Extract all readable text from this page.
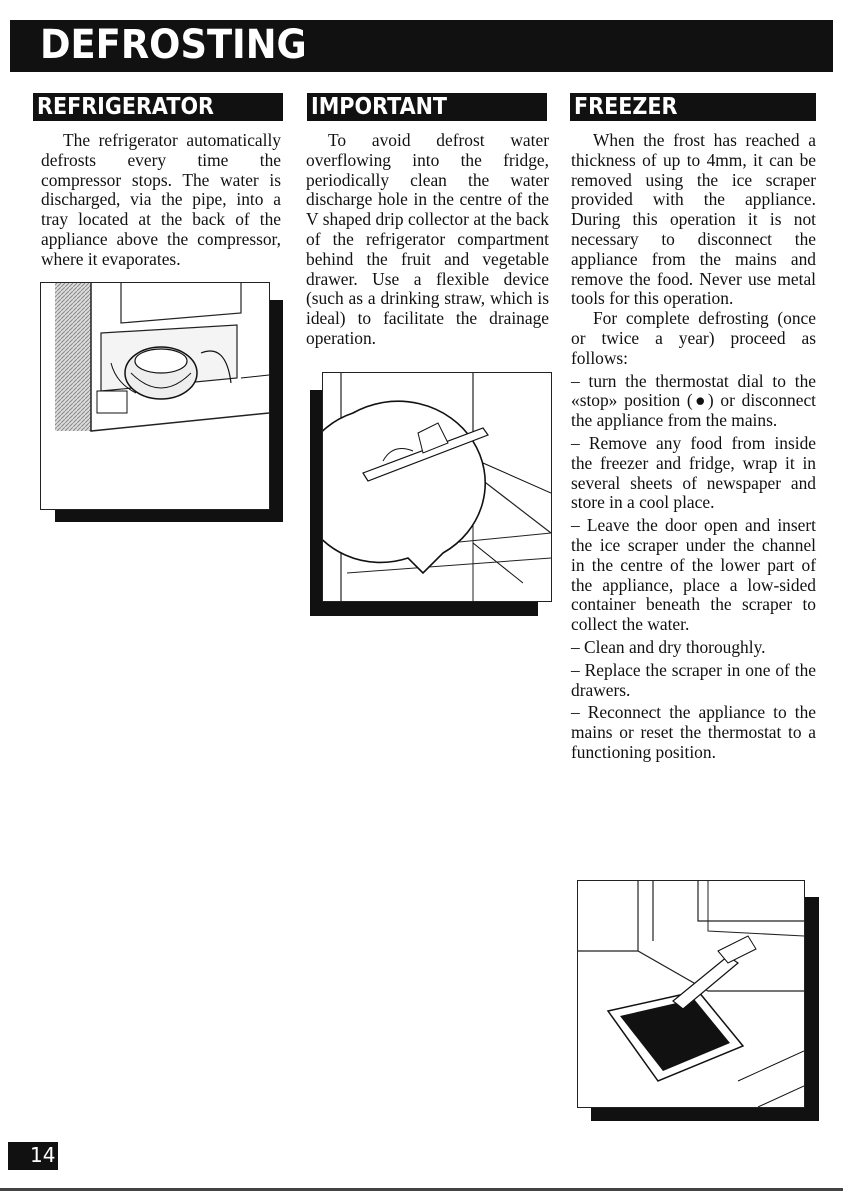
DEFROSTING
REFRIGERATOR

The refrigerator automatically defrosts every time the compressor stops. The water is discharged, via the pipe, into a tray located at the back of the appliance above the compressor, where it evaporates.

IMPORTANT

To avoid defrost water overflowing into the fridge, periodically clean the water discharge hole in the centre of the V shaped drip collector at the back of the refrigerator compartment behind the fruit and vegetable drawer. Use a flexible device (such as a drinking straw, which is ideal) to facilitate the drainage operation.

FREEZER

When the frost has reached a thickness of up to 4mm, it can be removed using the ice scraper provided with the appliance. During this operation it is not necessary to disconnect the appliance from the mains and remove the food. Never use metal tools for this operation.

For complete defrosting (once or twice a year) proceed as follows:

– turn the thermostat dial to the «stop» position (●) or disconnect the appliance from the mains.

– Remove any food from inside the freezer and fridge, wrap it in several sheets of newspaper and store in a cool place.

– Leave the door open and insert the ice scraper under the channel in the centre of the lower part of the appliance, place a low-sided container beneath the scraper to collect the water.

– Clean and dry thoroughly.

– Replace the scraper in one of the drawers.

– Reconnect the appliance to the mains or reset the thermostat to a functioning position.

14
